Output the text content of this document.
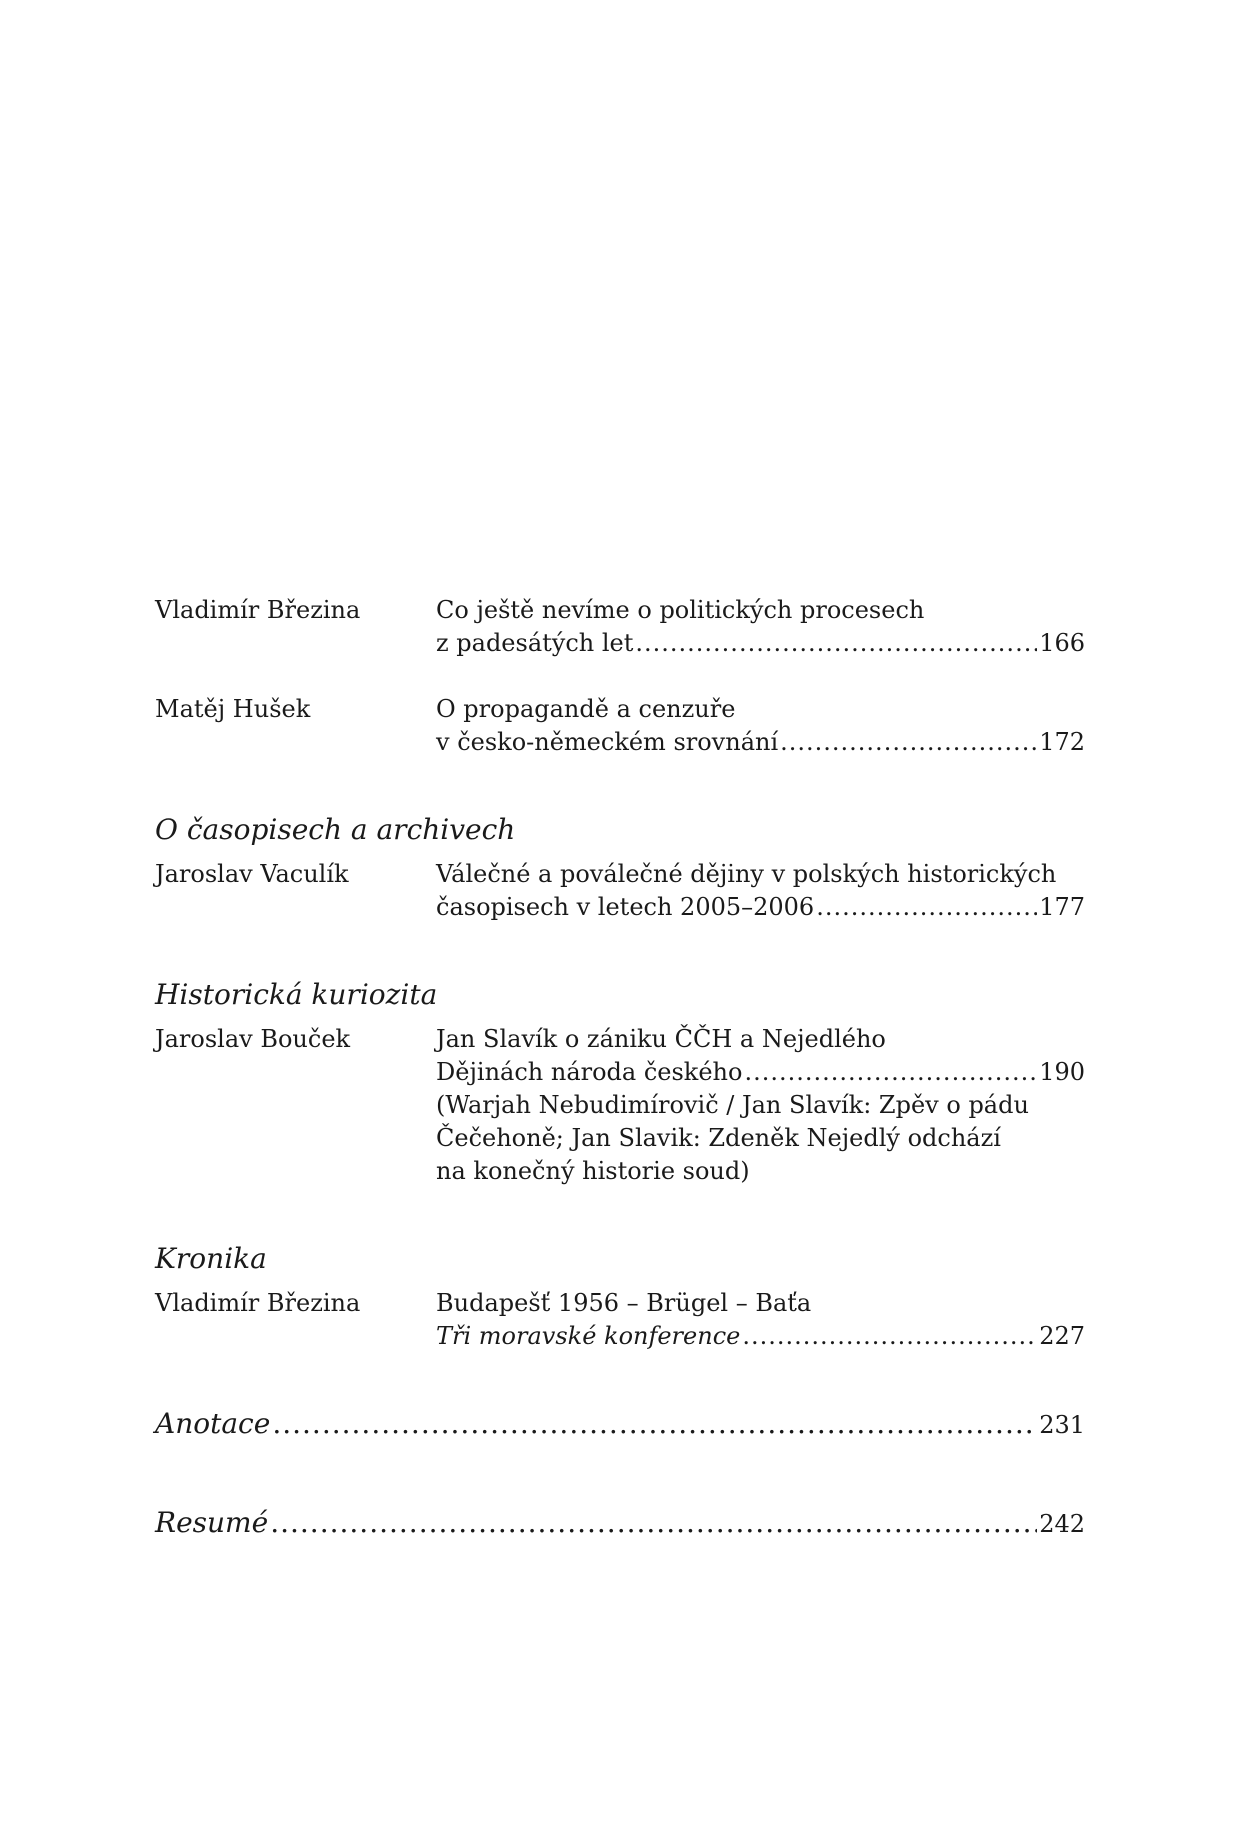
Vladimír Březina	Co ještě nevíme o politických procesech
z padesátých let .....	166
Matěj Hušek	O propagandě a cenzuře
v česko-německém srovnání .....	172
O časopisech a archivech
Jaroslav Vaculík	Válečné a poválečné dějiny v polských historických
časopisech v letech 2005–2006 .....	177
Historická kuriozita
Jaroslav Bouček	Jan Slavík o zániku ČČH a Nejedlého
Dějinách národa českého .....	190
(Warjah Nebudimírovič / Jan Slavík: Zpěv o pádu
Čečehoně; Jan Slavik: Zdeněk Nejedlý odchází
na konečný historie soud)
Kronika
Vladimír Březina	Budapešť 1956 – Brügel – Baťa
Tři moravské konference .....	227
Anotace .....	231
Resumé .....	242
